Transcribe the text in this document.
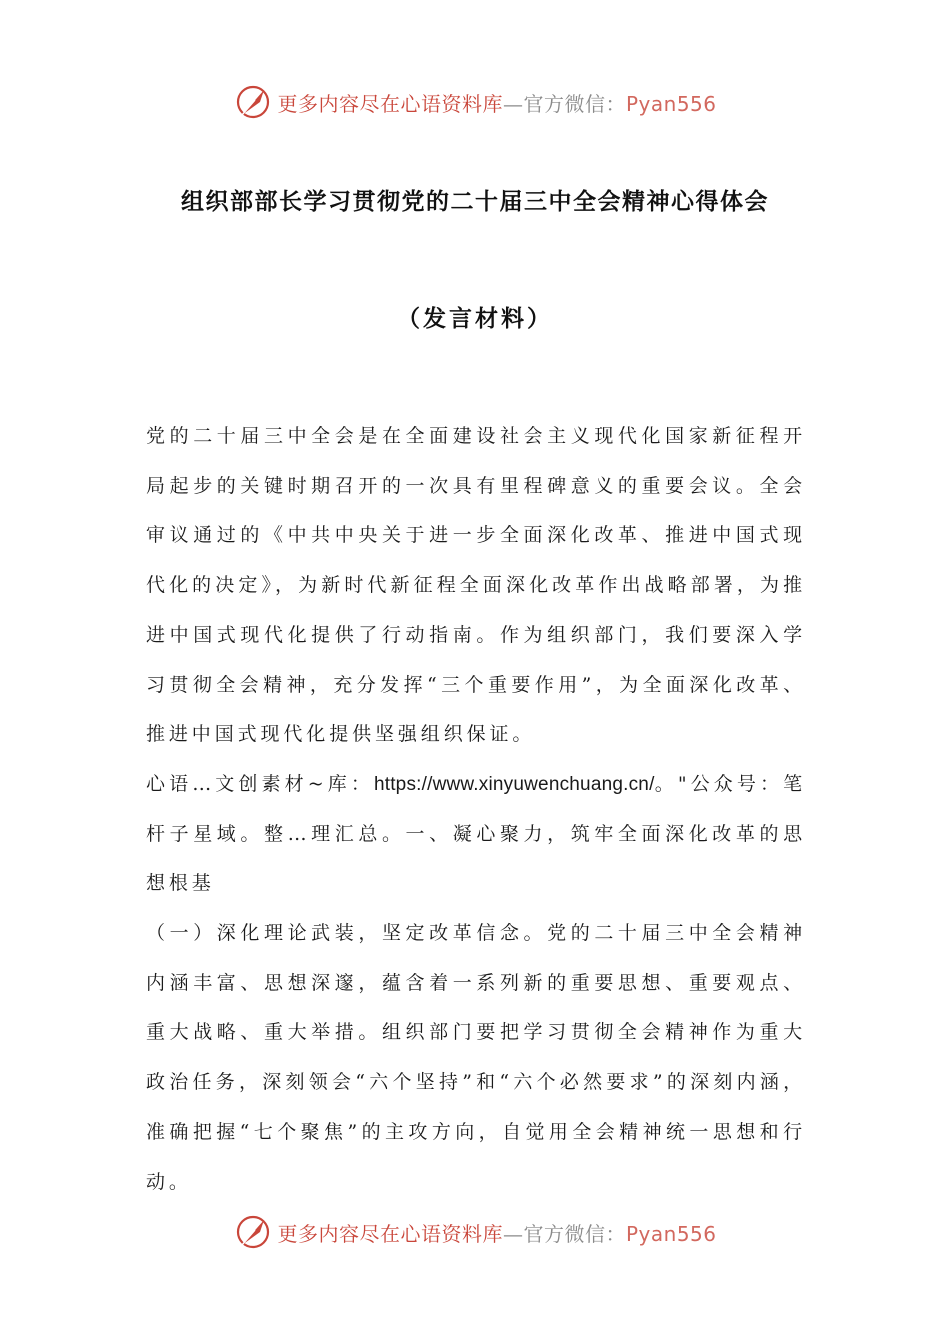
更多内容尽在心语资料库—官方微信：Pyan556
组织部部长学习贯彻党的二十届三中全会精神心得体会
（发言材料）

党的二十届三中全会是在全面建设社会主义现代化国家新征程开局起步的关键时期召开的一次具有里程碑意义的重要会议。全会审议通过的《中共中央关于进一步全面深化改革、推进中国式现代化的决定》，为新时代新征程全面深化改革作出战略部署，为推进中国式现代化提供了行动指南。作为组织部门，我们要深入学习贯彻全会精神，充分发挥“三个重要作用”，为全面深化改革、推进中国式现代化提供坚强组织保证。

心语…文创素材~库：https://www.xinyuwenchuang.cn/。"公众号：笔杆子星域。整…理汇总。一、凝心聚力，筑牢全面深化改革的思想根基

（一）深化理论武装，坚定改革信念。党的二十届三中全会精神内涵丰富、思想深邃，蕴含着一系列新的重要思想、重要观点、重大战略、重大举措。组织部门要把学习贯彻全会精神作为重大政治任务，深刻领会“六个坚持”和“六个必然要求”的深刻内涵，准确把握“七个聚焦”的主攻方向，自觉用全会精神统一思想和行动。

更多内容尽在心语资料库—官方微信：Pyan556
